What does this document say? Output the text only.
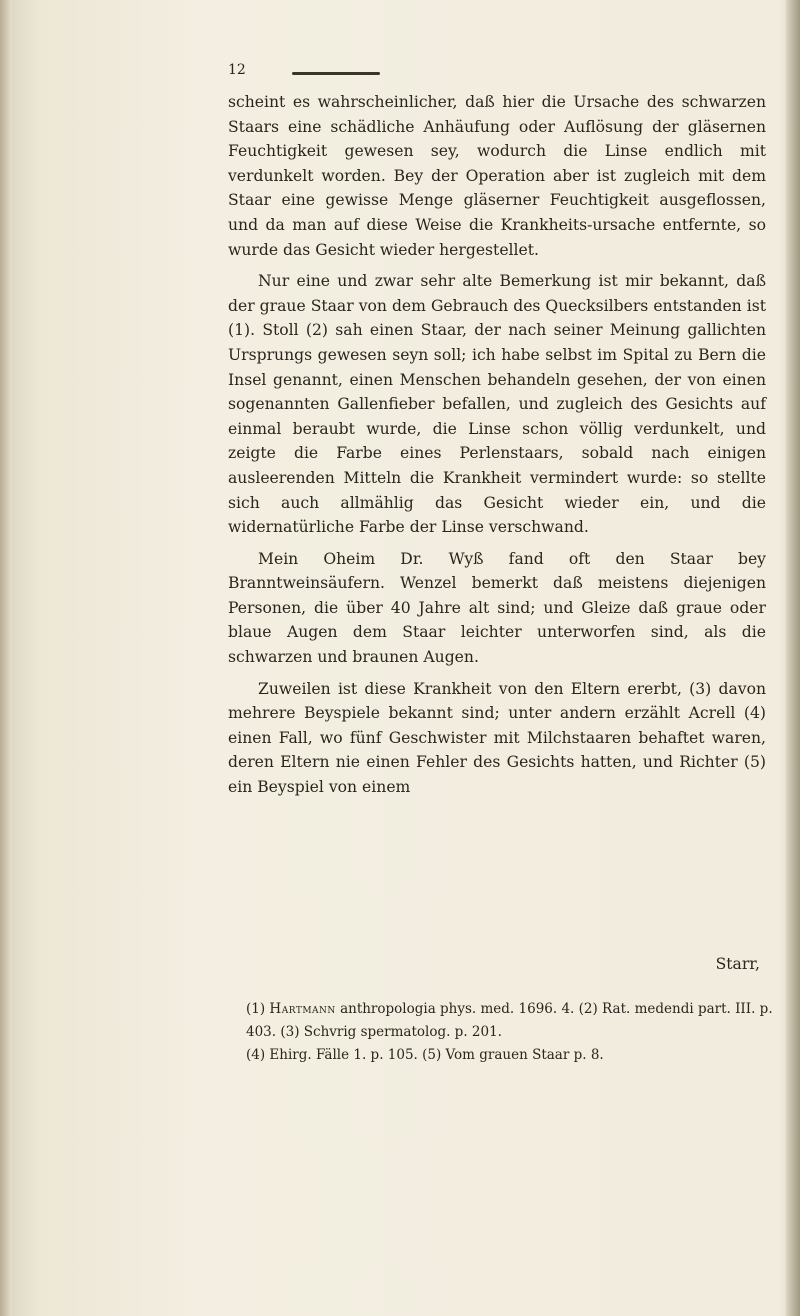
12

scheint es wahrscheinlicher, daß hier die Ursache des schwarzen Staars eine schädliche Anhäufung oder Auflösung der gläsernen Feuchtigkeit gewesen sey, wodurch die Linse endlich mit verdunkelt worden. Bey der Operation aber ist zugleich mit dem Staar eine gewisse Menge gläserner Feuchtigkeit ausgeflossen, und da man auf diese Weise die Krankheits-ursache entfernte, so wurde das Gesicht wieder hergestellet.

Nur eine und zwar sehr alte Bemerkung ist mir bekannt, daß der graue Staar von dem Gebrauch des Quecksilbers entstanden ist (1). Stoll (2) sah einen Staar, der nach seiner Meinung gallichten Ursprungs gewesen seyn soll; ich habe selbst im Spital zu Bern die Insel genannt, einen Menschen behandeln gesehen, der von einen sogenannten Gallenfieber befallen, und zugleich des Gesichts auf einmal beraubt wurde, die Linse schon völlig verdunkelt, und zeigte die Farbe eines Perlenstaars, sobald nach einigen ausleerenden Mitteln die Krankheit vermindert wurde: so stellte sich auch allmählig das Gesicht wieder ein, und die widernatürliche Farbe der Linse verschwand.

Mein Oheim Dr. Wyß fand oft den Staar bey Branntweinsäufern. Wenzel bemerkt daß meistens diejenigen Personen, die über 40 Jahre alt sind; und Gleize daß graue oder blaue Augen dem Staar leichter unterworfen sind, als die schwarzen und braunen Augen.

Zuweilen ist diese Krankheit von den Eltern ererbt, (3) davon mehrere Beyspiele bekannt sind; unter andern erzählt Acrell (4) einen Fall, wo fünf Geschwister mit Milchstaaren behaftet waren, deren Eltern nie einen Fehler des Gesichts hatten, und Richter (5) ein Beyspiel von einem

Starr,

(1) Hartmann anthropologia phys. med. 1696. 4. (2) Rat. medendi part. III. p. 403. (3) Schvrig spermatolog. p. 201.

(4) Ehirg. Fälle 1. p. 105. (5) Vom grauen Staar p. 8.
